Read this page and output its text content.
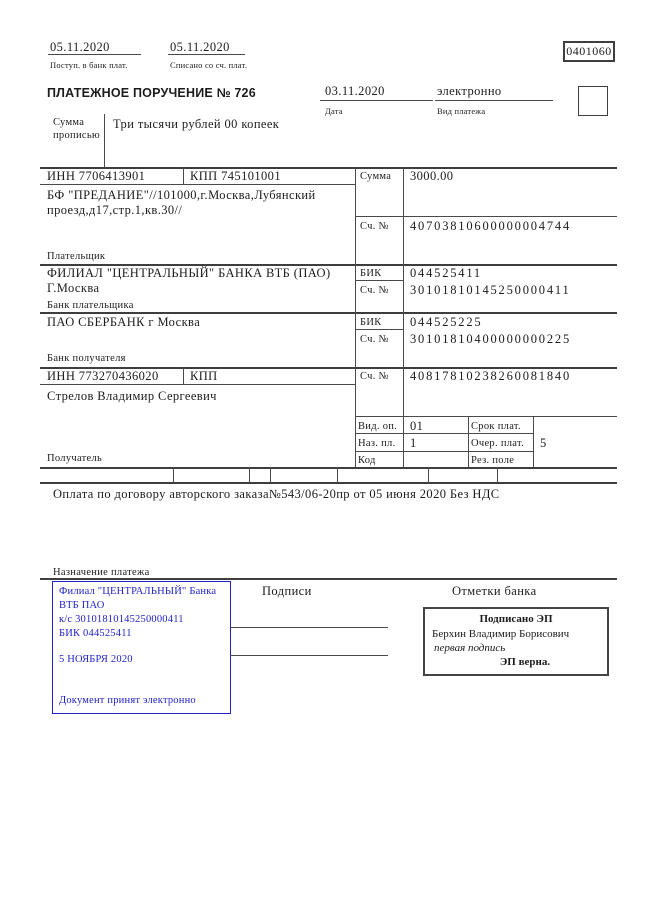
05.11.2020
Поступ. в банк плат.
05.11.2020
Списано со сч. плат.
0401060
ПЛАТЕЖНОЕ ПОРУЧЕНИЕ № 726	03.11.2020
Дата
электронно
Вид платежа
Сумма прописью
Три тысячи рублей 00 копеек
ИНН 7706413901	КПП 745101001	Сумма 3000.00
БФ "ПРЕДАНИЕ"//101000,г.Москва,Лубянский
проезд,д17,стр.1,кв.30//
Сч. № 40703810600000004744
Плательщик
ФИЛИАЛ "ЦЕНТРАЛЬНЫЙ" БАНКА ВТБ (ПАО)
Г.Москва
БИК 044525411
Сч. № 30101810145250000411
Банк плательщика
ПАО СБЕРБАНК г Москва	БИК 044525225
Сч. № 30101810400000000225
Банк получателя
ИНН 773270436020	КПП	Сч. № 40817810238260081840
Стрелов Владимир Сергеевич
Получатель
Вид. оп. 01	Срок плат.
Наз. пл. 1	Очер. плат. 5
Код	Рез. поле
Оплата по договору авторского заказа№543/06-20пр от 05 июня 2020 Без НДС
Назначение платежа
Филиал "ЦЕНТРАЛЬНЫЙ" Банка
ВТБ ПАО
к/с 30101810145250000411
БИК 044525411
5 НОЯБРЯ 2020
Документ принят электронно
Подписи	Отметки банка
Подписано ЭП
Берхин Владимир Борисович
первая подпись
ЭП верна.
